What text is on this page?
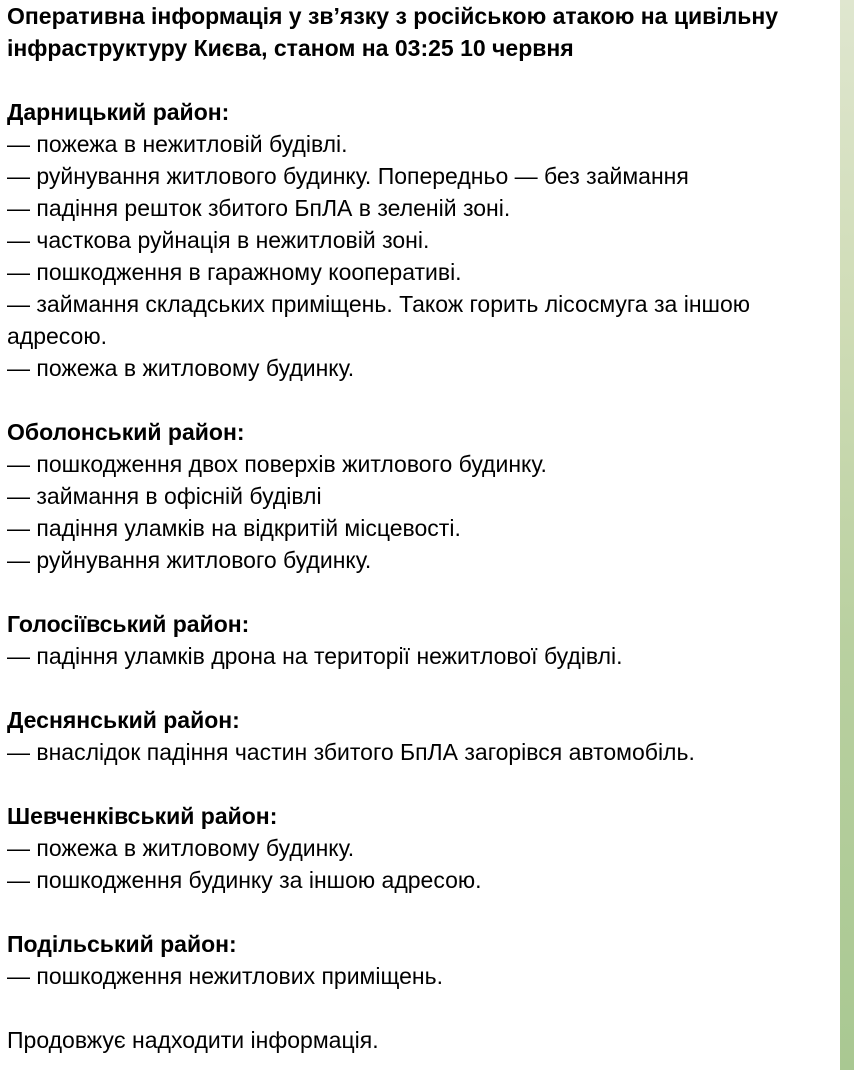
Оперативна інформація у зв’язку з російською атакою на цивільну інфраструктуру Києва, станом на 03:25 10 червня
Дарницький район:
— пожежа в нежитловій будівлі.
— руйнування житлового будинку. Попередньо — без займання
— падіння решток збитого БпЛА в зеленій зоні.
— часткова руйнація в нежитловій зоні.
— пошкодження в гаражному кооперативі.
— займання складських приміщень. Також горить лісосмуга за іншою адресою.
— пожежа в житловому будинку.
Оболонський район:
— пошкодження двох поверхів житлового будинку.
— займання в офісній будівлі
— падіння уламків на відкритій місцевості.
— руйнування житлового будинку.
Голосіївський район:
— падіння уламків дрона на території нежитлової будівлі.
Деснянський район:
— внаслідок падіння частин збитого БпЛА загорівся автомобіль.
Шевченківський район:
— пожежа в житловому будинку.
— пошкодження будинку за іншою адресою.
Подільський район:
— пошкодження нежитлових приміщень.
Продовжує надходити інформація.
